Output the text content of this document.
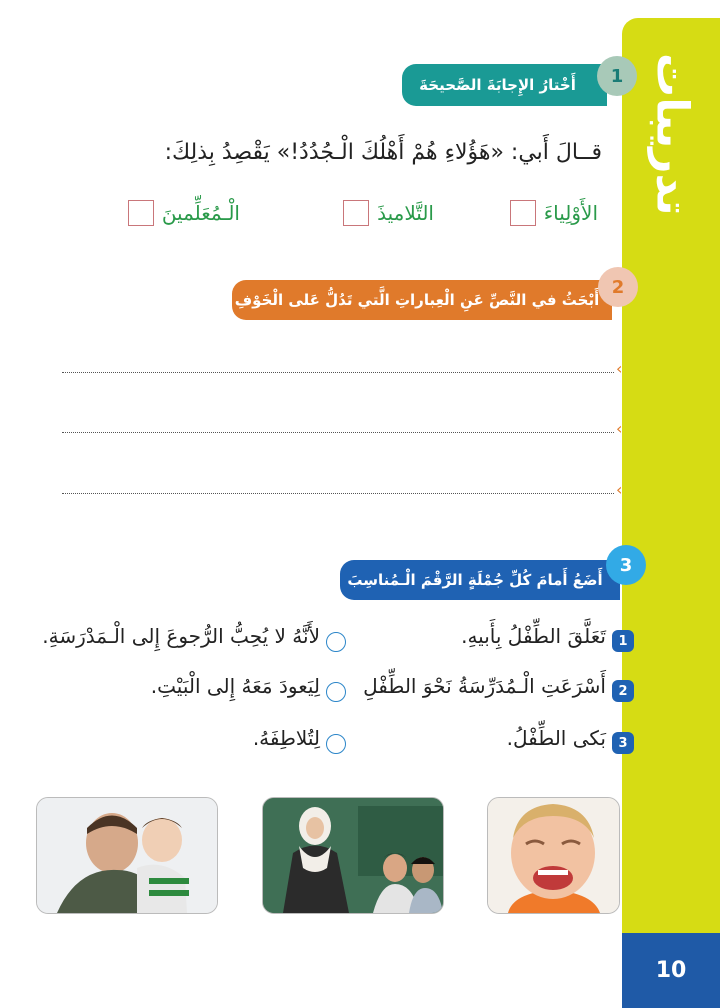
تدريبات
10
أَخْتارُ الإِجابَةَ الصَّحيحَةَ	1
قــالَ أَبي: «هَؤُلاءِ هُمْ أَهْلُكَ الْـجُدُدُ!» يَقْصِدُ بِذلِكَ:
الأَوْلِياءَ
التَّلاميذَ
الْـمُعَلِّمينَ
أَبْحَثُ في النَّصِّ عَنِ الْعِباراتِ الَّتي تَدُلُّ عَلى الْخَوْفِ
2
‹
‹
‹
أَضَعُ أَمامَ كُلِّ جُمْلَةٍ الرَّقْمَ الْـمُناسِبَ
3
1
تَعَلَّقَ الطِّفْلُ بِأَبيهِ.
2
أَسْرَعَتِ الْـمُدَرِّسَةُ نَحْوَ الطِّفْلِ
3
بَكى الطِّفْلُ.
لأَنَّهُ لا يُحِبُّ الرُّجوعَ إِلى الْـمَدْرَسَةِ.
لِيَعودَ مَعَهُ إِلى الْبَيْتِ.
لِتُلاطِفَهُ.
